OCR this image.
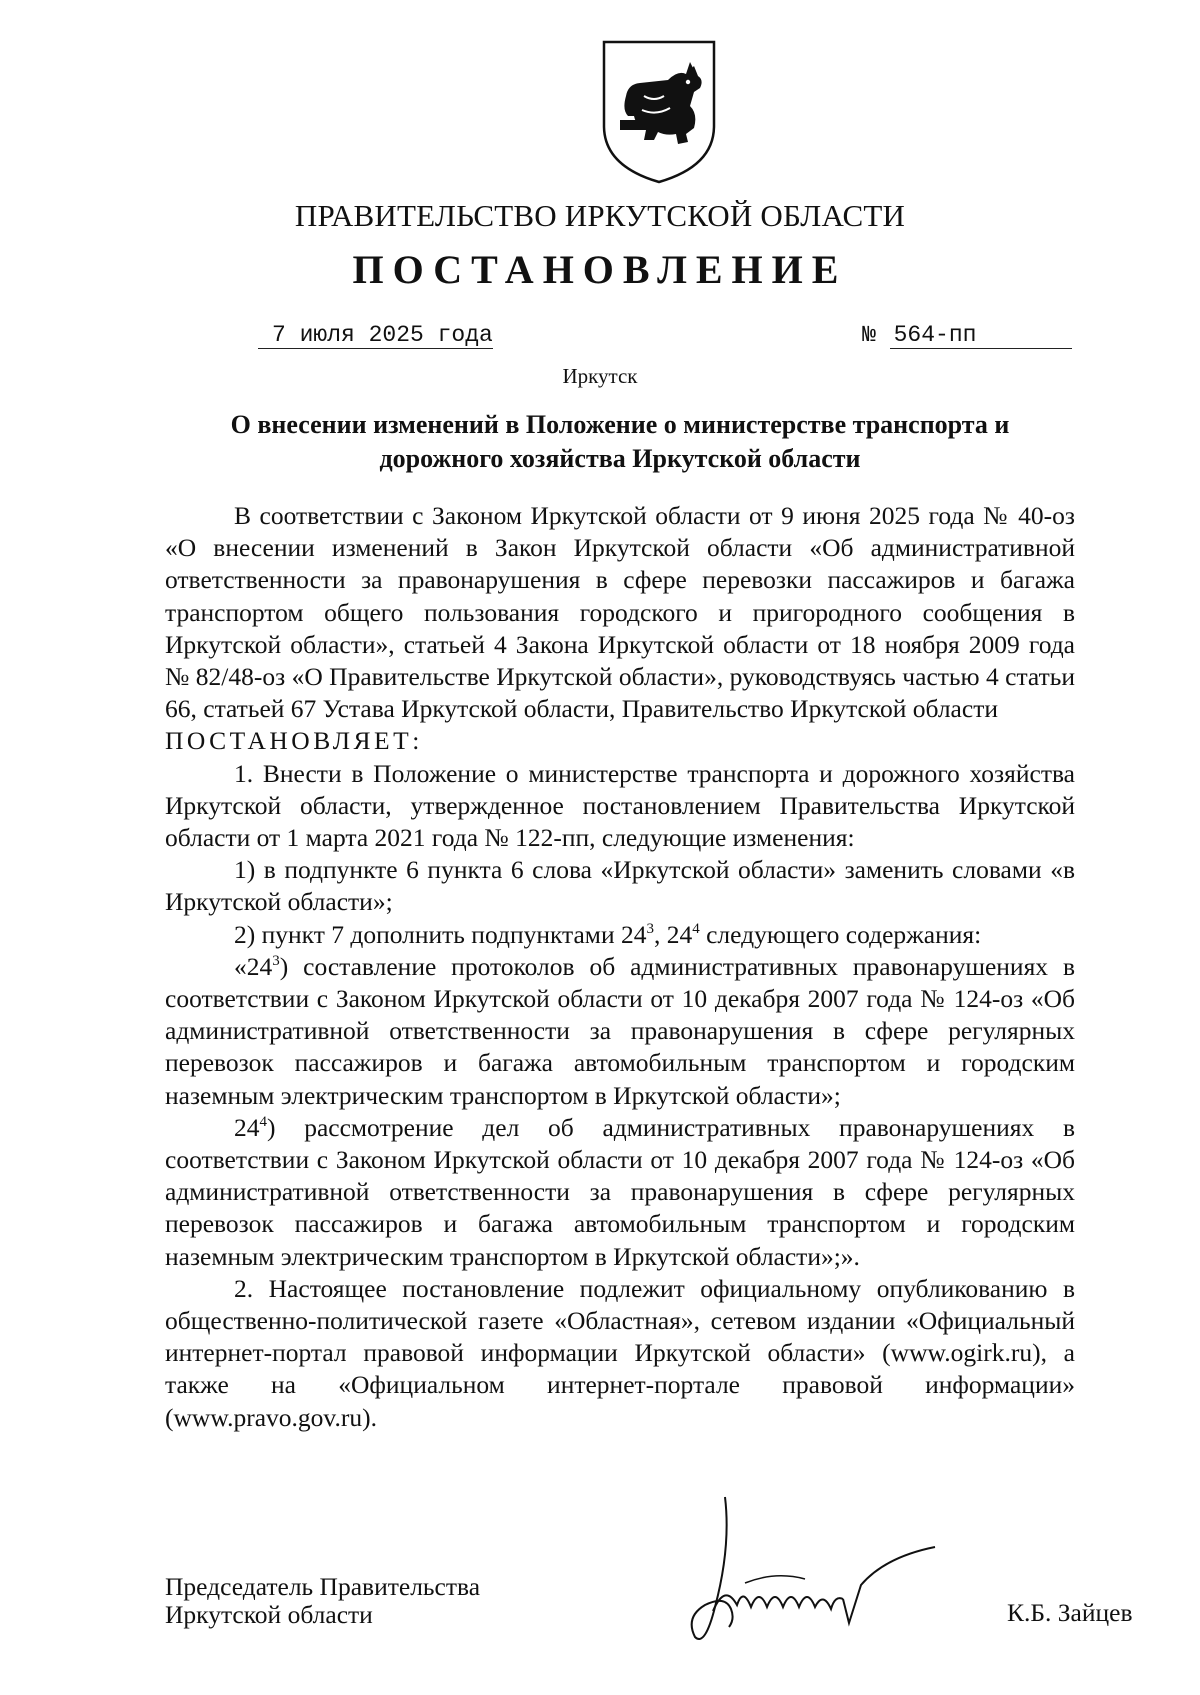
ПРАВИТЕЛЬСТВО ИРКУТСКОЙ ОБЛАСТИ
ПОСТАНОВЛЕНИЕ
7 июля 2025 года	№ 564-пп
Иркутск
О внесении изменений в Положение о министерстве транспорта и
дорожного хозяйства Иркутской области

В соответствии с Законом Иркутской области от 9 июня 2025 года № 40-оз «О внесении изменений в Закон Иркутской области «Об административной ответственности за правонарушения в сфере перевозки пассажиров и багажа транспортом общего пользования городского и пригородного сообщения в Иркутской области», статьей 4 Закона Иркутской области от 18 ноября 2009 года № 82/48-оз «О Правительстве Иркутской области», руководствуясь частью 4 статьи 66, статьей 67 Устава Иркутской области, Правительство Иркутской области

ПОСТАНОВЛЯЕТ:

1. Внести в Положение о министерстве транспорта и дорожного хозяйства Иркутской области, утвержденное постановлением Правительства Иркутской области от 1 марта 2021 года № 122-пп, следующие изменения:

1) в подпункте 6 пункта 6 слова «Иркутской области» заменить словами «в Иркутской области»;

2) пункт 7 дополнить подпунктами $24^3$, $24^4$ следующего содержания:

«$24^3$) составление протоколов об административных правонарушениях в соответствии с Законом Иркутской области от 10 декабря 2007 года № 124-оз «Об административной ответственности за правонарушения в сфере регулярных перевозок пассажиров и багажа автомобильным транспортом и городским наземным электрическим транспортом в Иркутской области»;

$24^4$) рассмотрение дел об административных правонарушениях в соответствии с Законом Иркутской области от 10 декабря 2007 года № 124-оз «Об административной ответственности за правонарушения в сфере регулярных перевозок пассажиров и багажа автомобильным транспортом и городским наземным электрическим транспортом в Иркутской области»;».

2. Настоящее постановление подлежит официальному опубликованию в общественно-политической газете «Областная», сетевом издании «Официальный интернет-портал правовой информации Иркутской области» (www.ogirk.ru), а также на «Официальном интернет-портале правовой информации» (www.pravo.gov.ru).

Председатель Правительства
Иркутской области	К.Б. Зайцев
